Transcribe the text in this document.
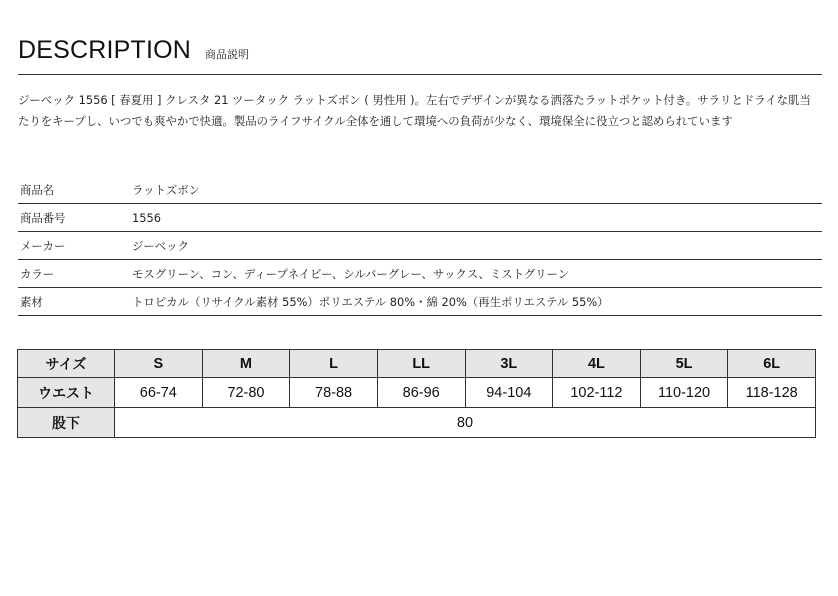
DESCRIPTION 商品説明
ジーベック 1556 [ 春夏用 ] クレスタ 21 ツータック ラットズボン ( 男性用 )。左右でデザインが異なる洒落たラットポケット付き。サラリとドライな肌当たりをキープし、いつでも爽やかで快適。製品のライフサイクル全体を通して環境への負荷が少なく、環境保全に役立つと認められています
商品名	ラットズボン
商品番号	1556
メーカー	ジーベック
カラー	モスグリーン、コン、ディープネイビー、シルバーグレー、サックス、ミストグリーン
素材	トロピカル（リサイクル素材 55%）ポリエステル 80%・綿 20%（再生ポリエステル 55%）
サイズ	S	M	L	LL	3L	4L	5L	6L
ウエスト	66-74	72-80	78-88	86-96	94-104	102-112	110-120	118-128
股下	80							
